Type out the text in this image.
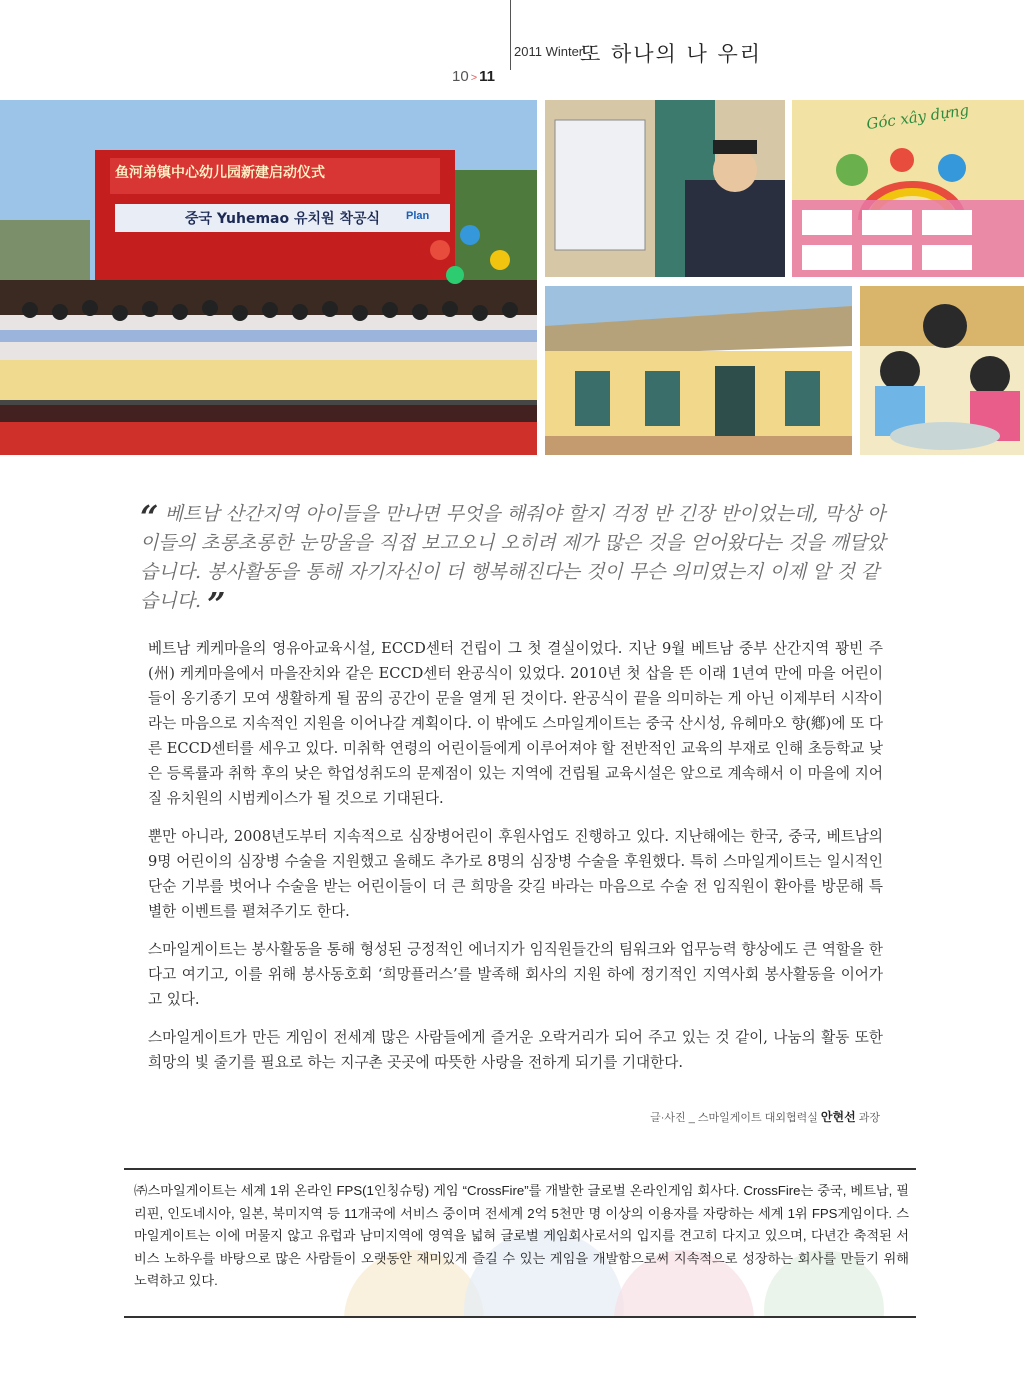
2011 Winter
또 하나의 나 우리
10 > 11
鱼河弟镇中心幼儿园新建启动仪式
중국 Yuhemao 유치원 착공식 Plan
Góc xây dựng
“ 베트남 산간지역 아이들을 만나면 무엇을 해줘야 할지 걱정 반 긴장 반이었는데, 막상 아이들의 초롱초롱한 눈망울을 직접 보고오니 오히려 제가 많은 것을 얻어왔다는 것을 깨달았습니다. 봉사활동을 통해 자기자신이 더 행복해진다는 것이 무슨 의미였는지 이제 알 것 같습니다. ”

베트남 케케마을의 영유아교육시설, ECCD센터 건립이 그 첫 결실이었다. 지난 9월 베트남 중부 산간지역 꽝빈 주(州) 케케마을에서 마을잔치와 같은 ECCD센터 완공식이 있었다. 2010년 첫 삽을 뜬 이래 1년여 만에 마을 어린이들이 옹기종기 모여 생활하게 될 꿈의 공간이 문을 열게 된 것이다. 완공식이 끝을 의미하는 게 아닌 이제부터 시작이라는 마음으로 지속적인 지원을 이어나갈 계획이다. 이 밖에도 스마일게이트는 중국 산시성, 유헤마오 향(鄕)에 또 다른 ECCD센터를 세우고 있다. 미취학 연령의 어린이들에게 이루어져야 할 전반적인 교육의 부재로 인해 초등학교 낮은 등록률과 취학 후의 낮은 학업성취도의 문제점이 있는 지역에 건립될 교육시설은 앞으로 계속해서 이 마을에 지어질 유치원의 시범케이스가 될 것으로 기대된다.

뿐만 아니라, 2008년도부터 지속적으로 심장병어린이 후원사업도 진행하고 있다. 지난해에는 한국, 중국, 베트남의 9명 어린이의 심장병 수술을 지원했고 올해도 추가로 8명의 심장병 수술을 후원했다. 특히 스마일게이트는 일시적인 단순 기부를 벗어나 수술을 받는 어린이들이 더 큰 희망을 갖길 바라는 마음으로 수술 전 임직원이 환아를 방문해 특별한 이벤트를 펼쳐주기도 한다.

스마일게이트는 봉사활동을 통해 형성된 긍정적인 에너지가 임직원들간의 팀워크와 업무능력 향상에도 큰 역할을 한다고 여기고, 이를 위해 봉사동호회 ‘희망플러스’를 발족해 회사의 지원 하에 정기적인 지역사회 봉사활동을 이어가고 있다.

스마일게이트가 만든 게임이 전세계 많은 사람들에게 즐거운 오락거리가 되어 주고 있는 것 같이, 나눔의 활동 또한 희망의 빛 줄기를 필요로 하는 지구촌 곳곳에 따뜻한 사랑을 전하게 되기를 기대한다.

글·사진 _ 스마일게이트 대외협력실 안현선 과장
㈜스마일게이트는 세계 1위 온라인 FPS(1인칭슈팅) 게임 “CrossFire”를 개발한 글로벌 온라인게임 회사다. CrossFire는 중국, 베트남, 필리핀, 인도네시아, 일본, 북미지역 등 11개국에 서비스 중이며 전세계 2억 5천만 명 이상의 이용자를 자랑하는 세계 1위 FPS게임이다. 스마일게이트는 이에 머물지 않고 유럽과 남미지역에 영역을 넓혀 글로벌 게임회사로서의 입지를 견고히 다지고 있으며, 다년간 축적된 서비스 노하우를 바탕으로 많은 사람들이 오랫동안 재미있게 즐길 수 있는 게임을 개발함으로써 지속적으로 성장하는 회사를 만들기 위해 노력하고 있다.
